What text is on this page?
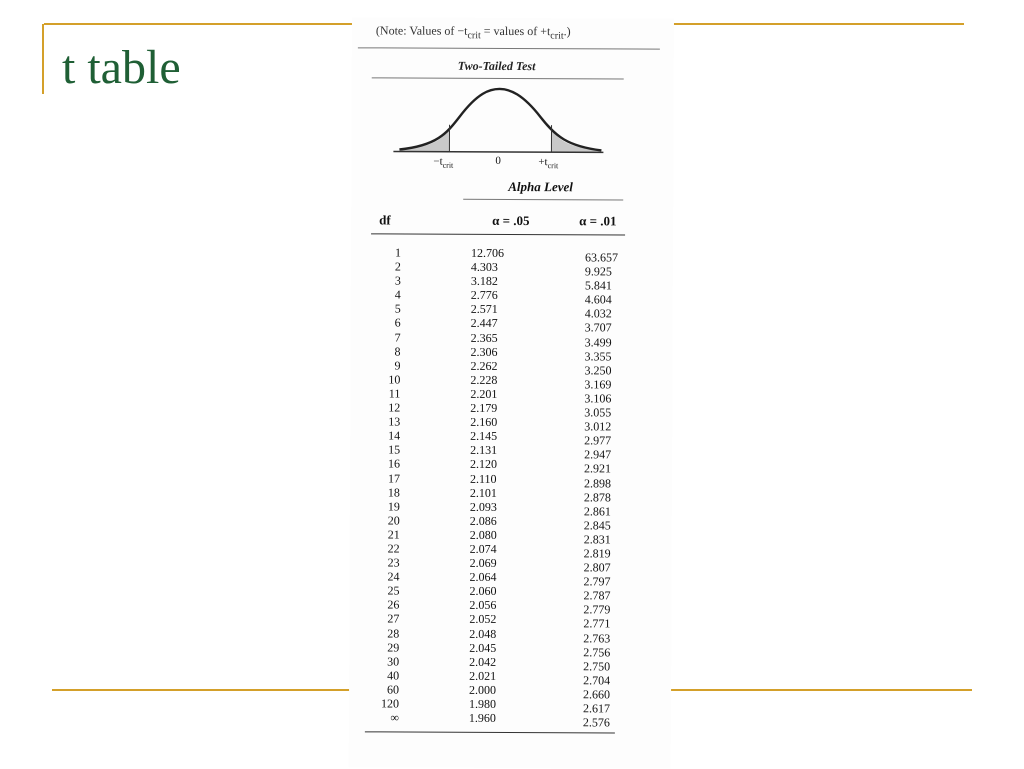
t table
(Note: Values of $-t_{crit}$ = values of $+t_{crit}$.)
Two-Tailed Test
$-t_{crit}$	0	$+t_{crit}$
Alpha Level
df	α = .05	α = .01
1	12.706	63.657
2	4.303	9.925
3	3.182	5.841
4	2.776	4.604
5	2.571	4.032
6	2.447	3.707
7	2.365	3.499
8	2.306	3.355
9	2.262	3.250
10	2.228	3.169
11	2.201	3.106
12	2.179	3.055
13	2.160	3.012
14	2.145	2.977
15	2.131	2.947
16	2.120	2.921
17	2.110	2.898
18	2.101	2.878
19	2.093	2.861
20	2.086	2.845
21	2.080	2.831
22	2.074	2.819
23	2.069	2.807
24	2.064	2.797
25	2.060	2.787
26	2.056	2.779
27	2.052	2.771
28	2.048	2.763
29	2.045	2.756
30	2.042	2.750
40	2.021	2.704
60	2.000	2.660
120	1.980	2.617
∞	1.960	2.576
